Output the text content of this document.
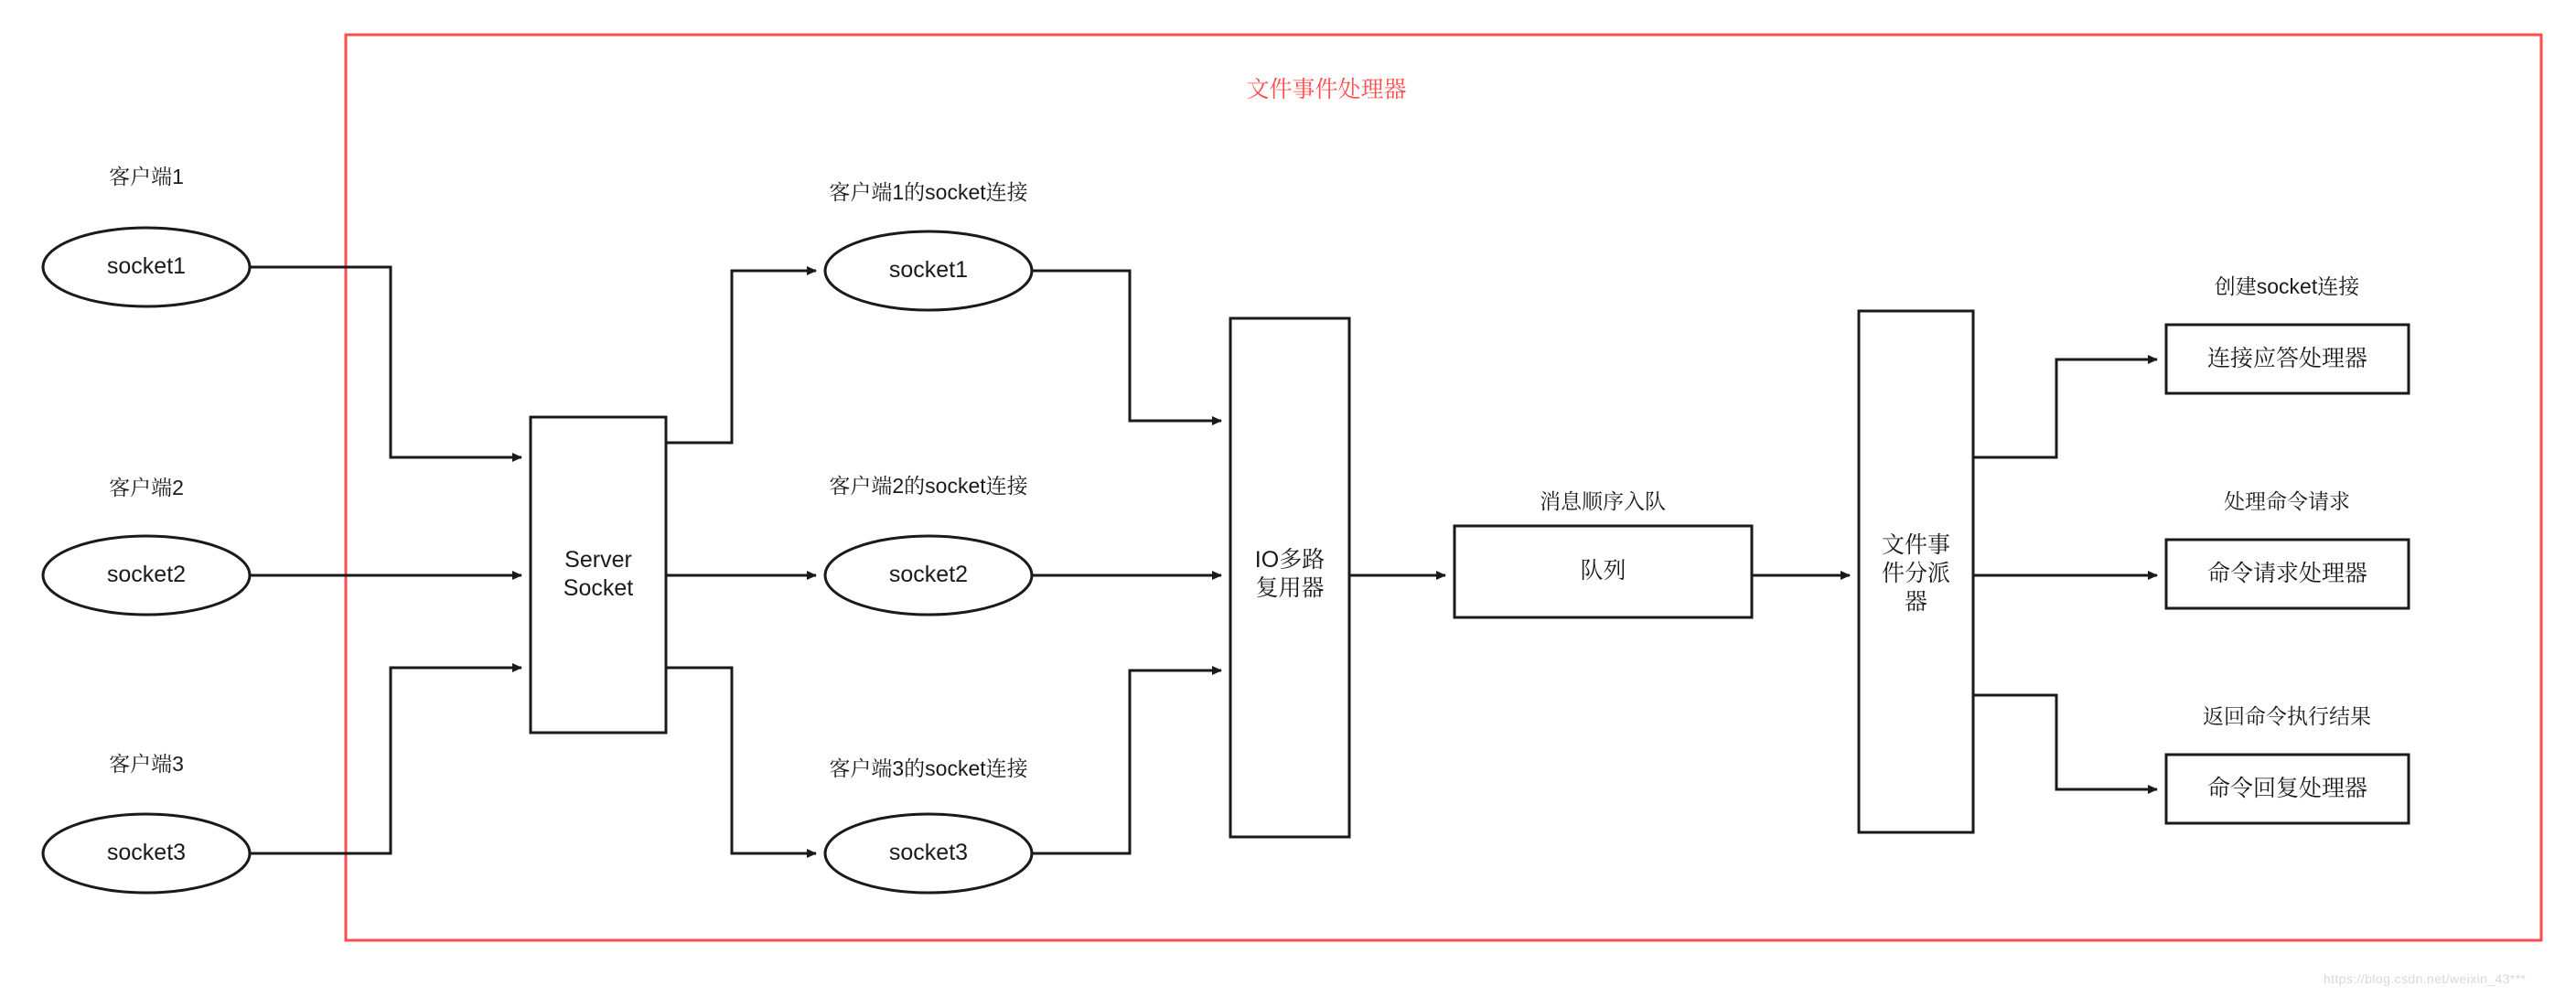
文件事件处理器
客户端1
客户端2
客户端3
socket1
socket2
socket3
Server
Socket
客户端1的socket连接
客户端2的socket连接
客户端3的socket连接
socket1
socket2
socket3
IO多路
复用器
消息顺序入队
队列
文件事
件分派
器
创建socket连接
处理命令请求
返回命令执行结果
连接应答处理器
命令请求处理器
命令回复处理器
https://blog.csdn.net/weixin_43***
